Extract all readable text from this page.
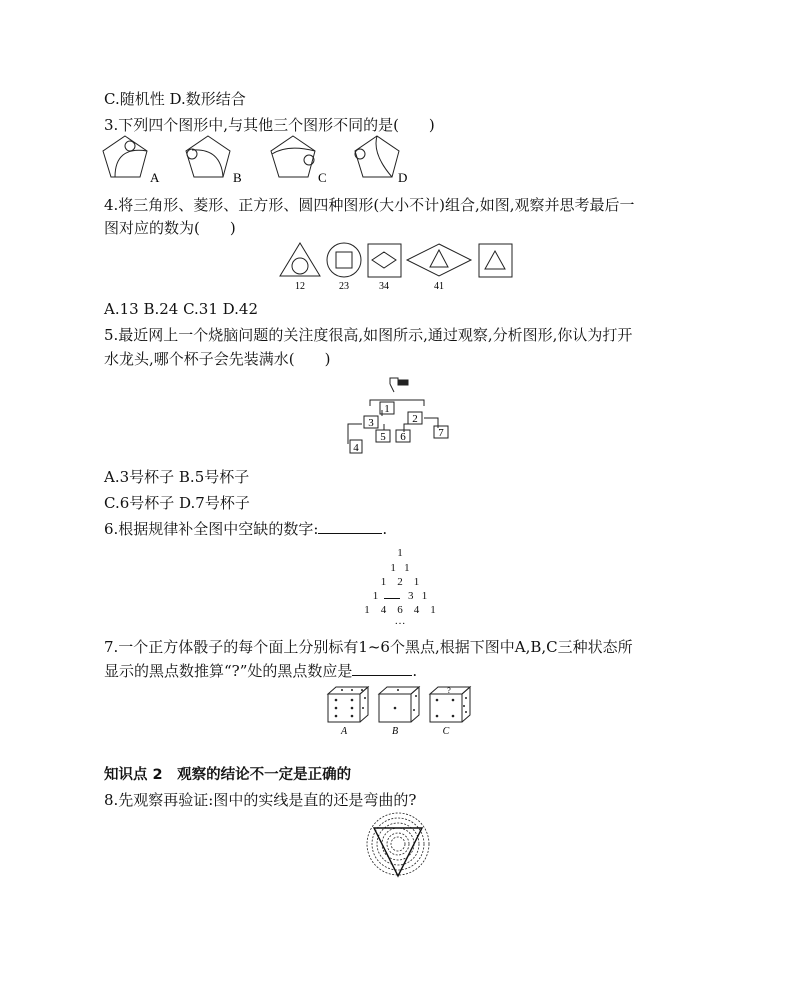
C.随机性 D.数形结合
3.下列四个图形中,与其他三个图形不同的是(　　)
A	B	C	D
4.将三角形、菱形、正方形、圆四种图形(大小不计)组合,如图,观察并思考最后一
图对应的数为(　　)
12	23	34	41
A.13 B.24 C.31 D.42
5.最近网上一个烧脑问题的关注度很高,如图所示,通过观察,分析图形,你认为打开
水龙头,哪个杯子会先装满水(　　)
1
2
3
4
5 6	7
A.3号杯子 B.5号杯子
C.6号杯子 D.7号杯子
6.根据规律补全图中空缺的数字:	.
1
1 1
1 2 1
1	3 1
1 4 6 4 1
…
7.一个正方体骰子的每个面上分别标有1~6个黑点,根据下图中A,B,C三种状态所
显示的黑点数推算“?”处的黑点数应是	.
?
A	B	C
知识点 2　观察的结论不一定是正确的
8.先观察再验证:图中的实线是直的还是弯曲的?
